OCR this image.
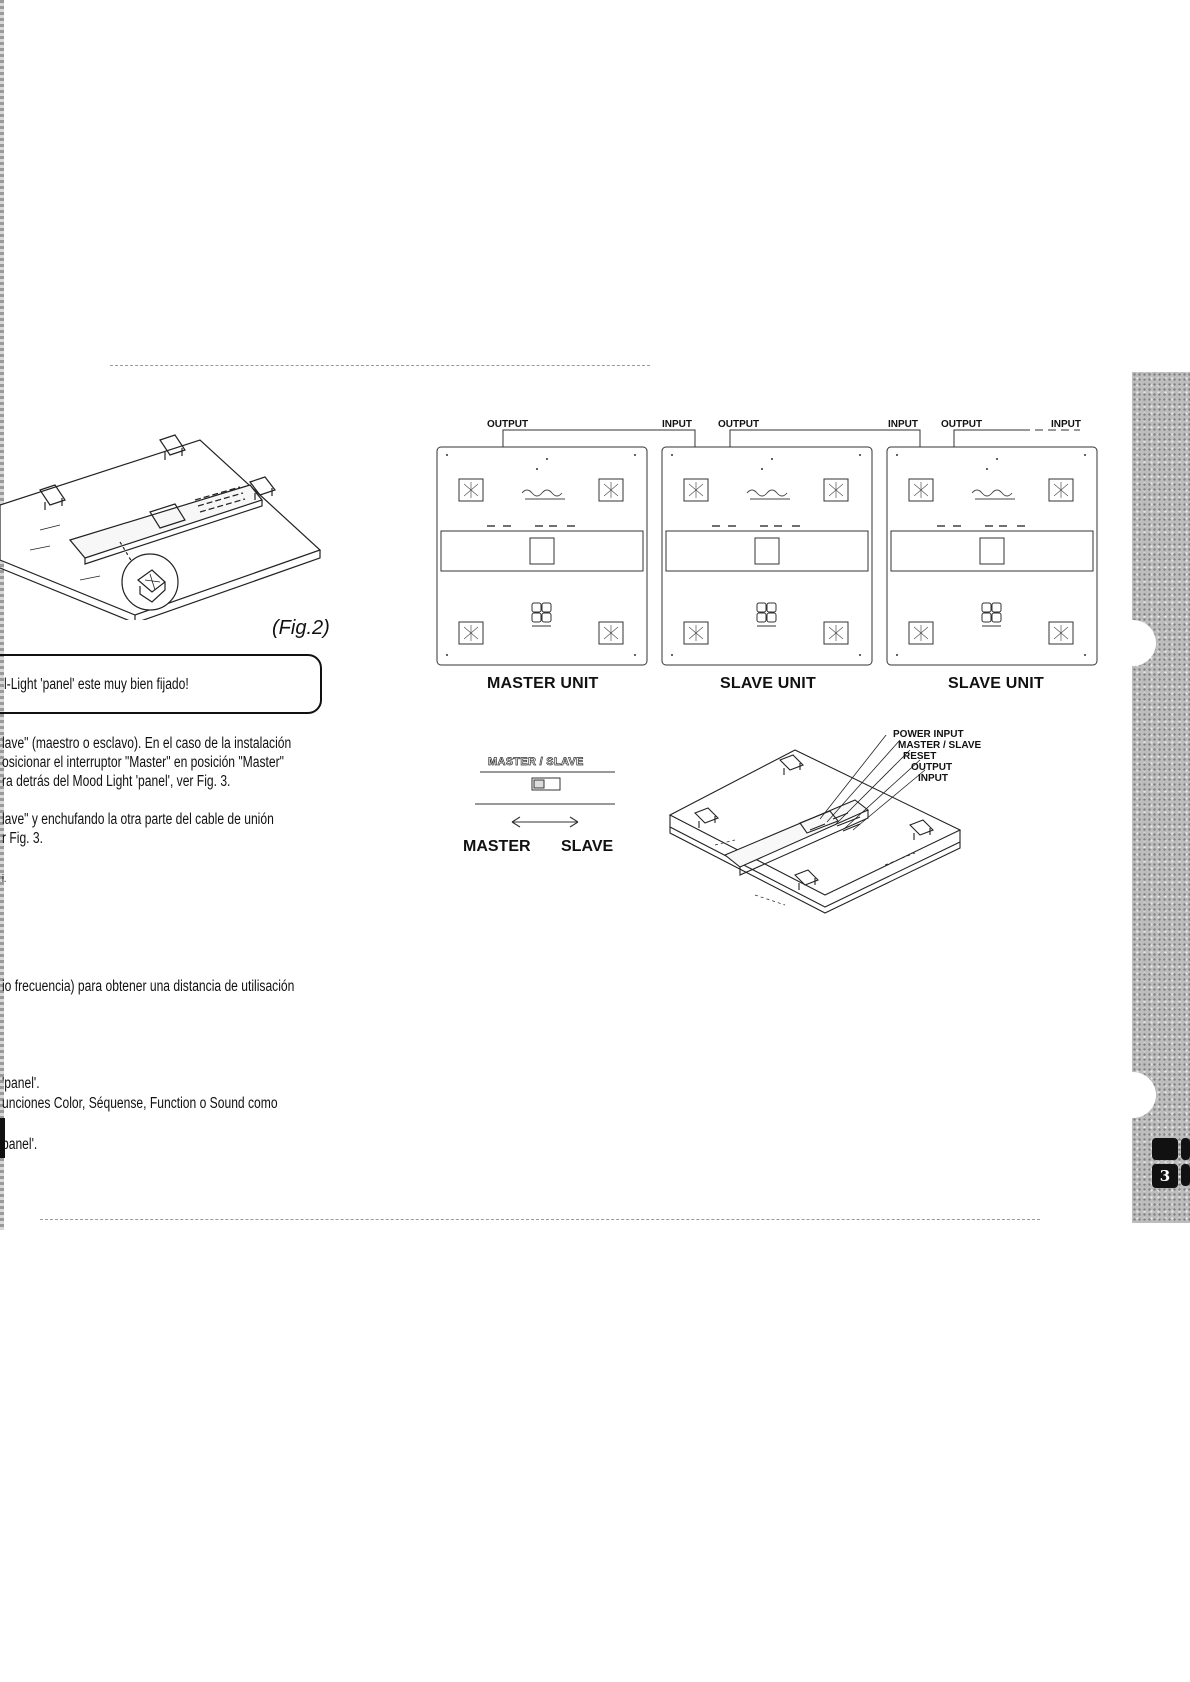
3
(Fig.2)
l-Light 'panel' este muy bien fijado!
lave" (maestro o esclavo). En el caso de la instalación
osicionar el interruptor "Master" en posición "Master"
ra detrás del Mood Light 'panel', ver Fig. 3.
lave" y enchufando la otra parte del cable de unión
r Fig. 3.
i.
io frecuencia) para obtener una distancia de utilisación
'panel'.
unciones Color, Séquense, Function o Sound como
panel'.
OUTPUT	INPUT	OUTPUT	INPUT OUTPUT	INPUT
MASTER UNIT	SLAVE UNIT	SLAVE UNIT
MASTER / SLAVE
MASTER SLAVE
POWER INPUT
MASTER / SLAVE
RESET
OUTPUT
INPUT
